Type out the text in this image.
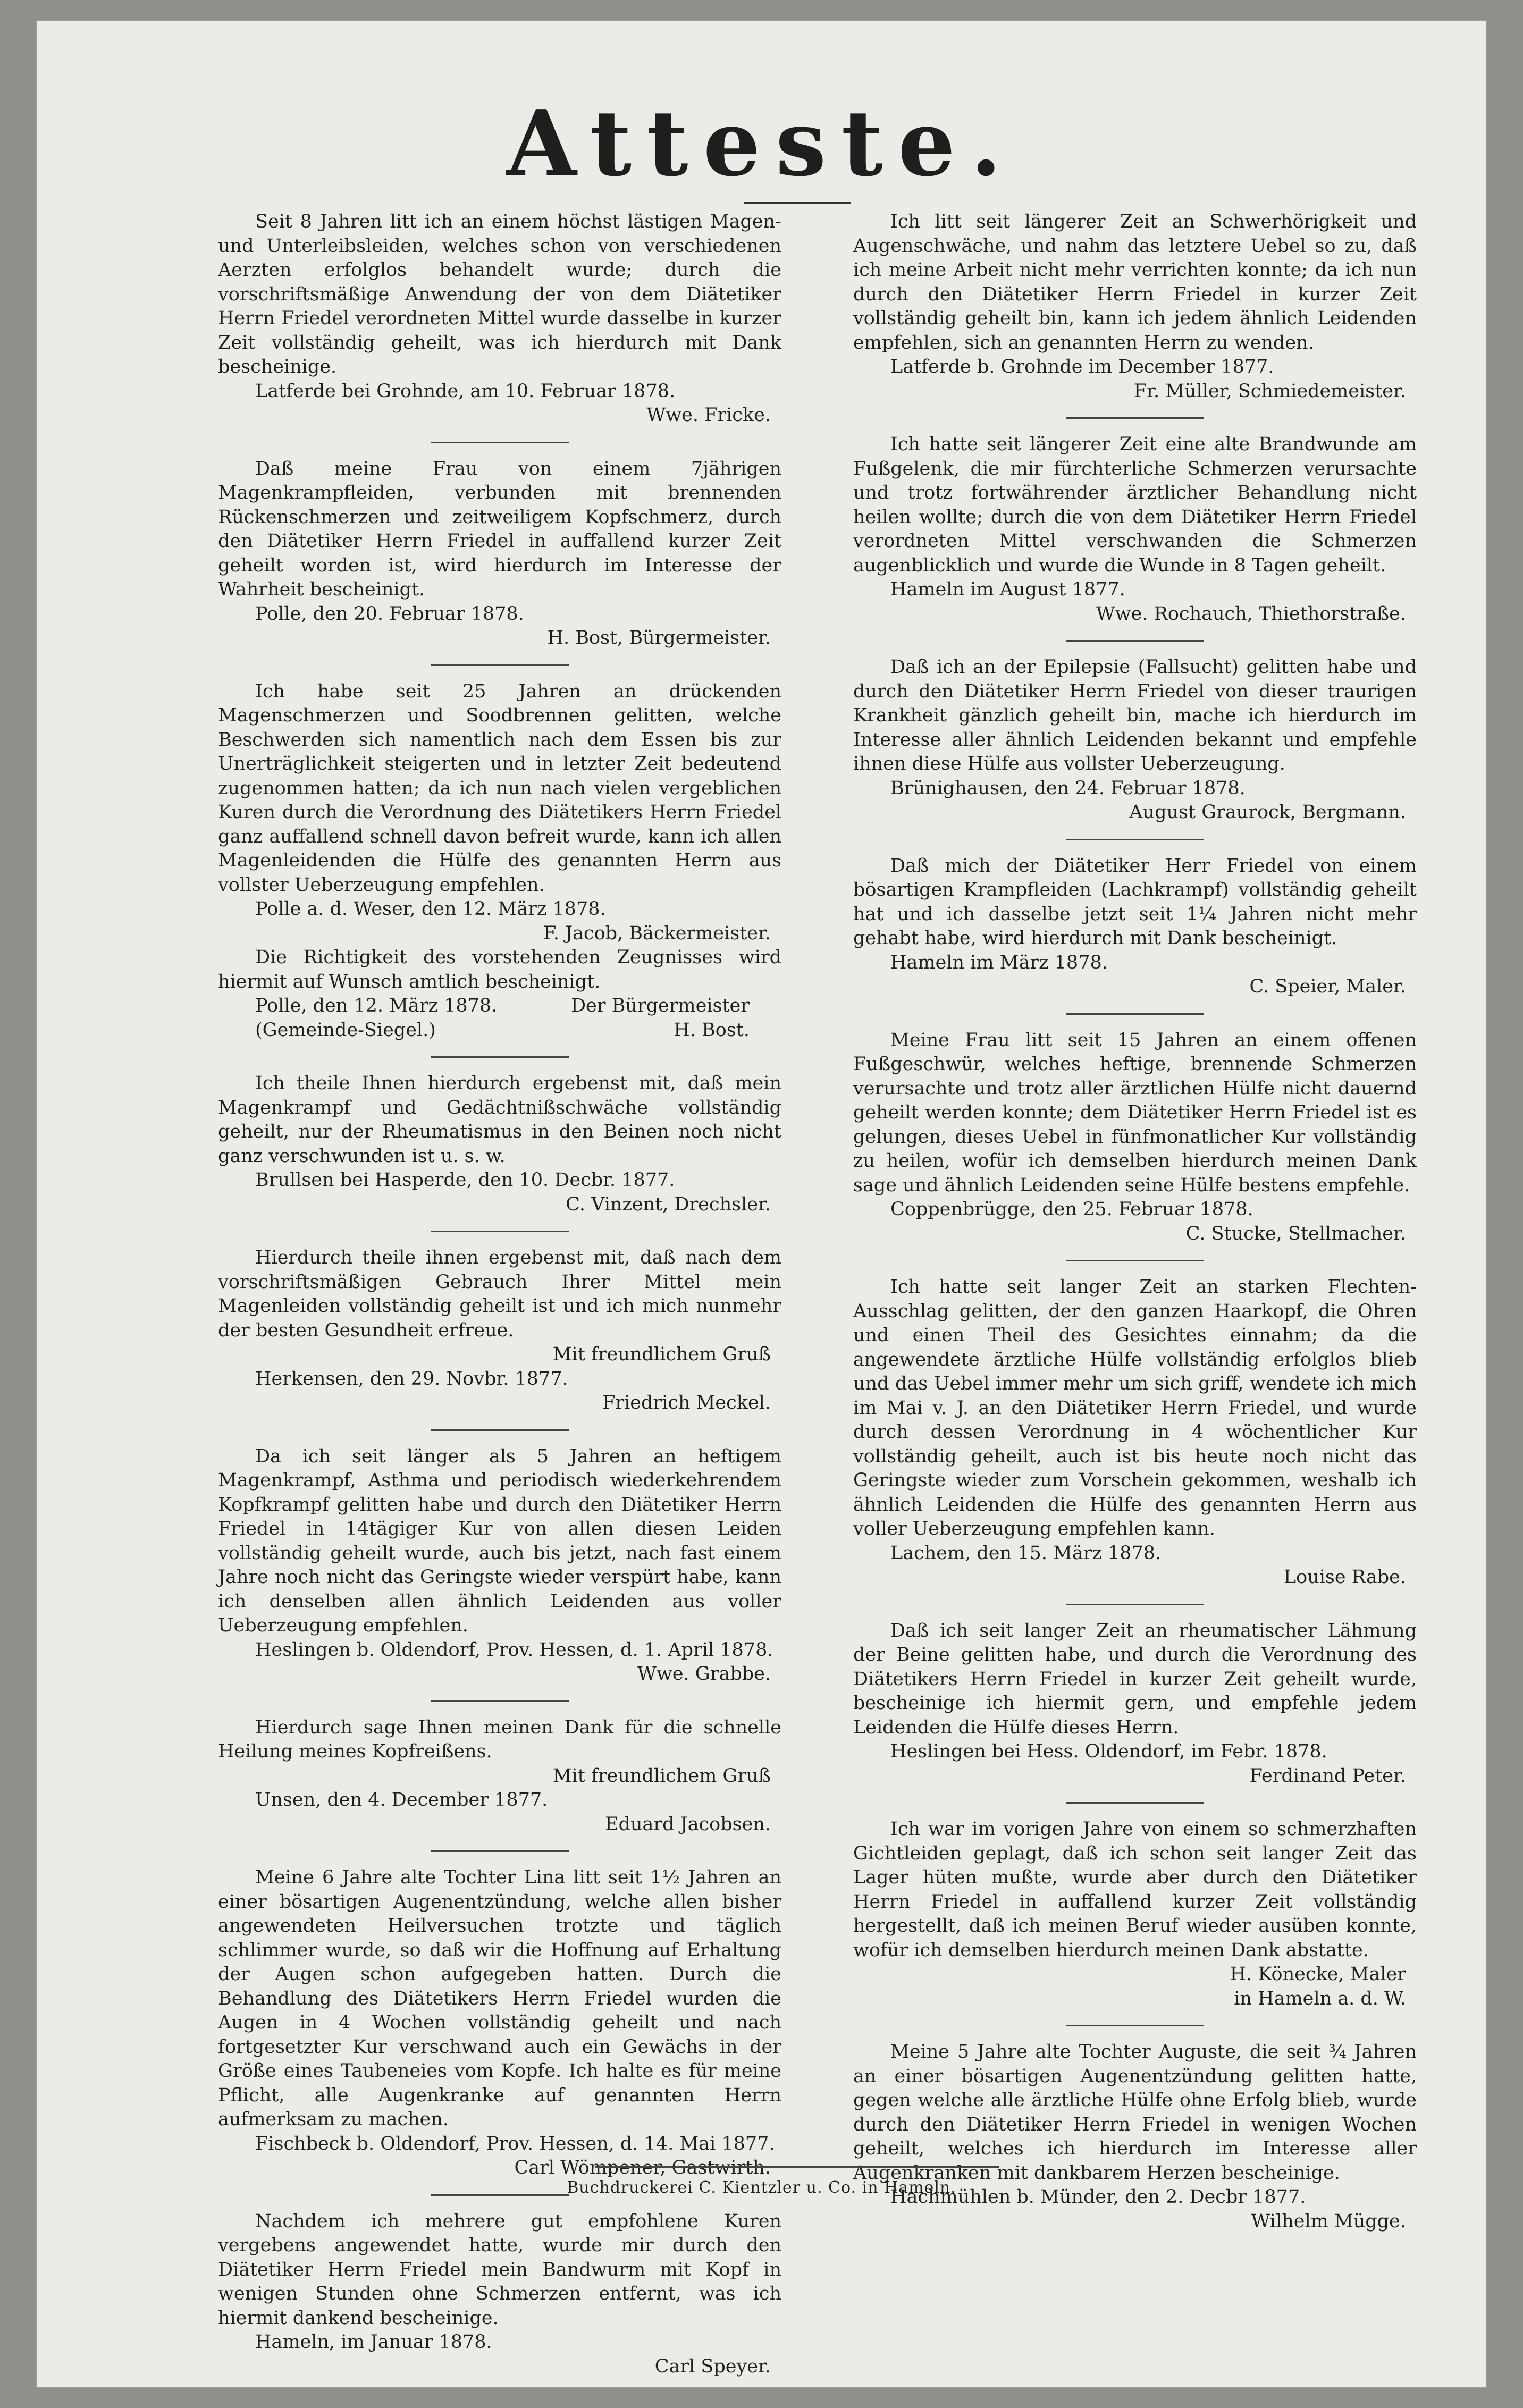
Atteste.

Seit 8 Jahren litt ich an einem höchst lästigen Magen- und Unterleibsleiden, welches schon von verschiedenen Aerzten erfolglos behandelt wurde; durch die vorschriftsmäßige Anwendung der von dem Diätetiker Herrn Friedel verordneten Mittel wurde dasselbe in kurzer Zeit vollständig geheilt, was ich hierdurch mit Dank bescheinige.

Latferde bei Grohnde, am 10. Februar 1878.
Wwe. Fricke.

Daß meine Frau von einem 7jährigen Magenkrampfleiden, verbunden mit brennenden Rückenschmerzen und zeitweiligem Kopfschmerz, durch den Diätetiker Herrn Friedel in auffallend kurzer Zeit geheilt worden ist, wird hierdurch im Interesse der Wahrheit bescheinigt.

Polle, den 20. Februar 1878.
H. Bost, Bürgermeister.

Ich habe seit 25 Jahren an drückenden Magenschmerzen und Soodbrennen gelitten, welche Beschwerden sich namentlich nach dem Essen bis zur Unerträglichkeit steigerten und in letzter Zeit bedeutend zugenommen hatten; da ich nun nach vielen vergeblichen Kuren durch die Verordnung des Diätetikers Herrn Friedel ganz auffallend schnell davon befreit wurde, kann ich allen Magenleidenden die Hülfe des genannten Herrn aus vollster Ueberzeugung empfehlen.

Polle a. d. Weser, den 12. März 1878.
F. Jacob, Bäckermeister.

Die Richtigkeit des vorstehenden Zeugnisses wird hiermit auf Wunsch amtlich bescheinigt.

Polle, den 12. März 1878.	Der Bürgermeister
(Gemeinde-Siegel.)	H. Bost.

Ich theile Ihnen hierdurch ergebenst mit, daß mein Magenkrampf und Gedächtnißschwäche vollständig geheilt, nur der Rheumatismus in den Beinen noch nicht ganz verschwunden ist u. s. w.

Brullsen bei Hasperde, den 10. Decbr. 1877.
C. Vinzent, Drechsler.

Hierdurch theile ihnen ergebenst mit, daß nach dem vorschriftsmäßigen Gebrauch Ihrer Mittel mein Magenleiden vollständig geheilt ist und ich mich nunmehr der besten Gesundheit erfreue.

Mit freundlichem Gruß
Herkensen, den 29. Novbr. 1877.
Friedrich Meckel.

Da ich seit länger als 5 Jahren an heftigem Magenkrampf, Asthma und periodisch wiederkehrendem Kopfkrampf gelitten habe und durch den Diätetiker Herrn Friedel in 14tägiger Kur von allen diesen Leiden vollständig geheilt wurde, auch bis jetzt, nach fast einem Jahre noch nicht das Geringste wieder verspürt habe, kann ich denselben allen ähnlich Leidenden aus voller Ueberzeugung empfehlen.

Heslingen b. Oldendorf, Prov. Hessen, d. 1. April 1878.
Wwe. Grabbe.

Hierdurch sage Ihnen meinen Dank für die schnelle Heilung meines Kopfreißens.

Mit freundlichem Gruß
Unsen, den 4. December 1877.
Eduard Jacobsen.

Meine 6 Jahre alte Tochter Lina litt seit 1½ Jahren an einer bösartigen Augenentzündung, welche allen bisher angewendeten Heilversuchen trotzte und täglich schlimmer wurde, so daß wir die Hoffnung auf Erhaltung der Augen schon aufgegeben hatten. Durch die Behandlung des Diätetikers Herrn Friedel wurden die Augen in 4 Wochen vollständig geheilt und nach fortgesetzter Kur verschwand auch ein Gewächs in der Größe eines Taubeneies vom Kopfe. Ich halte es für meine Pflicht, alle Augenkranke auf genannten Herrn aufmerksam zu machen.

Fischbeck b. Oldendorf, Prov. Hessen, d. 14. Mai 1877.
Carl Wömpener, Gastwirth.

Nachdem ich mehrere gut empfohlene Kuren vergebens angewendet hatte, wurde mir durch den Diätetiker Herrn Friedel mein Bandwurm mit Kopf in wenigen Stunden ohne Schmerzen entfernt, was ich hiermit dankend bescheinige.

Hameln, im Januar 1878.
Carl Speyer.

Ich litt seit längerer Zeit an Schwerhörigkeit und Augenschwäche, und nahm das letztere Uebel so zu, daß ich meine Arbeit nicht mehr verrichten konnte; da ich nun durch den Diätetiker Herrn Friedel in kurzer Zeit vollständig geheilt bin, kann ich jedem ähnlich Leidenden empfehlen, sich an genannten Herrn zu wenden.

Latferde b. Grohnde im December 1877.
Fr. Müller, Schmiedemeister.

Ich hatte seit längerer Zeit eine alte Brandwunde am Fußgelenk, die mir fürchterliche Schmerzen verursachte und trotz fortwährender ärztlicher Behandlung nicht heilen wollte; durch die von dem Diätetiker Herrn Friedel verordneten Mittel verschwanden die Schmerzen augenblicklich und wurde die Wunde in 8 Tagen geheilt.

Hameln im August 1877.
Wwe. Rochauch, Thiethorstraße.

Daß ich an der Epilepsie (Fallsucht) gelitten habe und durch den Diätetiker Herrn Friedel von dieser traurigen Krankheit gänzlich geheilt bin, mache ich hierdurch im Interesse aller ähnlich Leidenden bekannt und empfehle ihnen diese Hülfe aus vollster Ueberzeugung.

Brünighausen, den 24. Februar 1878.
August Graurock, Bergmann.

Daß mich der Diätetiker Herr Friedel von einem bösartigen Krampfleiden (Lachkrampf) vollständig geheilt hat und ich dasselbe jetzt seit 1¼ Jahren nicht mehr gehabt habe, wird hierdurch mit Dank bescheinigt.

Hameln im März 1878.
C. Speier, Maler.

Meine Frau litt seit 15 Jahren an einem offenen Fußgeschwür, welches heftige, brennende Schmerzen verursachte und trotz aller ärztlichen Hülfe nicht dauernd geheilt werden konnte; dem Diätetiker Herrn Friedel ist es gelungen, dieses Uebel in fünfmonatlicher Kur vollständig zu heilen, wofür ich demselben hierdurch meinen Dank sage und ähnlich Leidenden seine Hülfe bestens empfehle.

Coppenbrügge, den 25. Februar 1878.
C. Stucke, Stellmacher.

Ich hatte seit langer Zeit an starken Flechten-Ausschlag gelitten, der den ganzen Haarkopf, die Ohren und einen Theil des Gesichtes einnahm; da die angewendete ärztliche Hülfe vollständig erfolglos blieb und das Uebel immer mehr um sich griff, wendete ich mich im Mai v. J. an den Diätetiker Herrn Friedel, und wurde durch dessen Verordnung in 4 wöchentlicher Kur vollständig geheilt, auch ist bis heute noch nicht das Geringste wieder zum Vorschein gekommen, weshalb ich ähnlich Leidenden die Hülfe des genannten Herrn aus voller Ueberzeugung empfehlen kann.

Lachem, den 15. März 1878.
Louise Rabe.

Daß ich seit langer Zeit an rheumatischer Lähmung der Beine gelitten habe, und durch die Verordnung des Diätetikers Herrn Friedel in kurzer Zeit geheilt wurde, bescheinige ich hiermit gern, und empfehle jedem Leidenden die Hülfe dieses Herrn.

Heslingen bei Hess. Oldendorf, im Febr. 1878.
Ferdinand Peter.

Ich war im vorigen Jahre von einem so schmerzhaften Gichtleiden geplagt, daß ich schon seit langer Zeit das Lager hüten mußte, wurde aber durch den Diätetiker Herrn Friedel in auffallend kurzer Zeit vollständig hergestellt, daß ich meinen Beruf wieder ausüben konnte, wofür ich demselben hierdurch meinen Dank abstatte.

H. Könecke, Maler
in Hameln a. d. W.

Meine 5 Jahre alte Tochter Auguste, die seit ¾ Jahren an einer bösartigen Augenentzündung gelitten hatte, gegen welche alle ärztliche Hülfe ohne Erfolg blieb, wurde durch den Diätetiker Herrn Friedel in wenigen Wochen geheilt, welches ich hierdurch im Interesse aller Augenkranken mit dankbarem Herzen bescheinige.

Hachmühlen b. Münder, den 2. Decbr 1877.
Wilhelm Mügge.
Buchdruckerei C. Kientzler u. Co. in Hameln.
